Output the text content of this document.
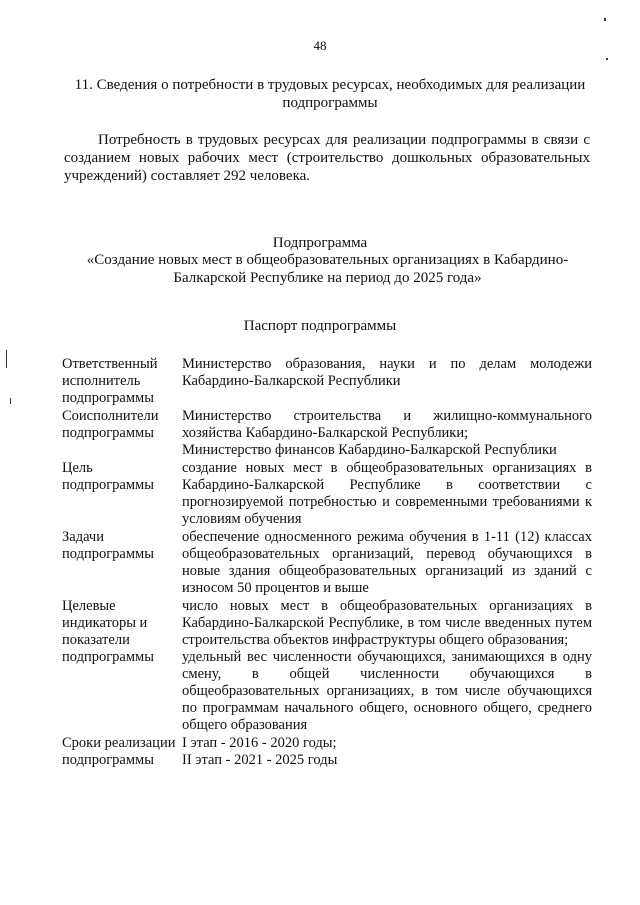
48
11. Сведения о потребности в трудовых ресурсах, необходимых для реализации подпрограммы
Потребность в трудовых ресурсах для реализации подпрограммы в связи с созданием новых рабочих мест (строительство дошкольных образовательных учреждений) составляет 292 человека.
Подпрограмма
«Создание новых мест в общеобразовательных организациях в Кабардино-Балкарской Республике на период до 2025 года»
Паспорт подпрограммы
Ответственный исполнитель подпрограммы	Министерство образования, науки и по делам молодежи Кабардино-Балкарской Республики

Соисполнители подпрограммы	Министерство строительства и жилищно-коммунального хозяйства Кабардино-Балкарской Республики;

Министерство финансов Кабардино-Балкарской Республики

Цель подпрограммы	создание новых мест в общеобразовательных организациях в Кабардино-Балкарской Республике в соответствии с прогнозируемой потребностью и современными требованиями к условиям обучения

Задачи подпрограммы	обеспечение односменного режима обучения в 1-11 (12) классах общеобразовательных организаций, перевод обучающихся в новые здания общеобразовательных организаций из зданий с износом 50 процентов и выше

Целевые индикаторы и показатели подпрограммы	число новых мест в общеобразовательных организациях в Кабардино-Балкарской Республике, в том числе введенных путем строительства объектов инфраструктуры общего образования;

удельный вес численности обучающихся, занимающихся в одну смену, в общей численности обучающихся в общеобразовательных организациях, в том числе обучающихся по программам начального общего, основного общего, среднего общего образования

Сроки реализации подпрограммы	I этап - 2016 - 2020 годы;

II этап - 2021 - 2025 годы
